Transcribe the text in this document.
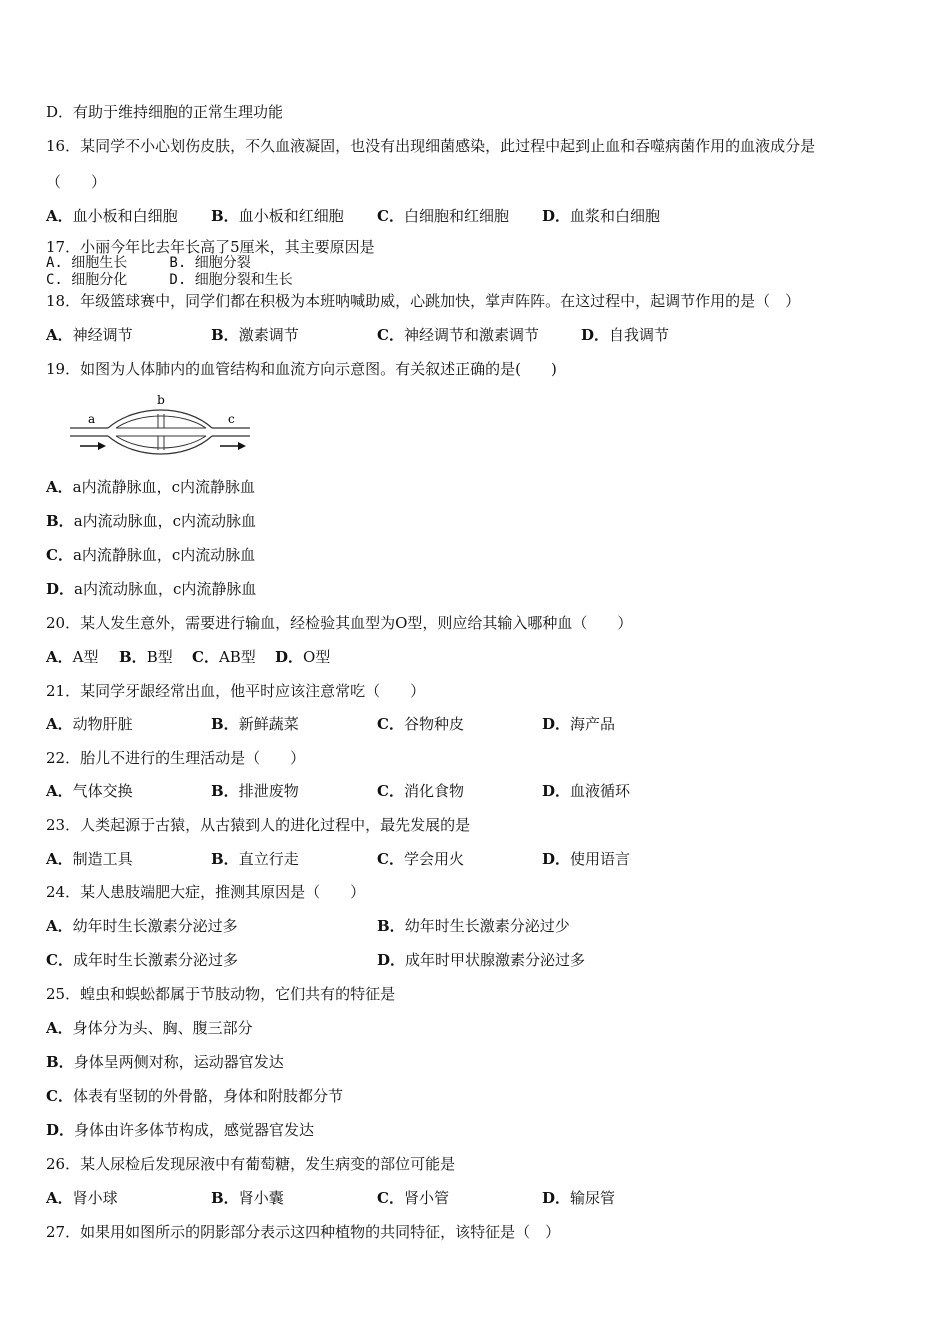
D．有助于维持细胞的正常生理功能
16．某同学不小心划伤皮肤，不久血液凝固，也没有出现细菌感染，此过程中起到止血和吞噬病菌作用的血液成分是
（　　）
A．血小板和白细胞 B．血小板和红细胞 C．白细胞和红细胞 D．血浆和白细胞
17．小丽今年比去年长高了5厘米，其主要原因是
A. 细胞生长     B. 细胞分裂
C. 细胞分化     D. 细胞分裂和生长
18．年级篮球赛中，同学们都在积极为本班呐喊助威，心跳加快，掌声阵阵。在这过程中，起调节作用的是（　）
A．神经调节	B．激素调节	C．神经调节和激素调节	D．自我调节
19．如图为人体肺内的血管结构和血流方向示意图。有关叙述正确的是(　　)
a
b
c
A．a内流静脉血，c内流静脉血
B．a内流动脉血，c内流动脉血
C．a内流静脉血，c内流动脉血
D．a内流动脉血，c内流静脉血
20．某人发生意外，需要进行输血，经检验其血型为O型，则应给其输入哪种血（　　）
A．A型 B．B型 C．AB型 D．O型
21．某同学牙龈经常出血，他平时应该注意常吃（　　）
A．动物肝脏	B．新鲜蔬菜	C．谷物种皮	D．海产品
22．胎儿不进行的生理活动是（　　）
A．气体交换	B．排泄废物	C．消化食物	D．血液循环
23．人类起源于古猿，从古猿到人的进化过程中，最先发展的是
A．制造工具	B．直立行走	C．学会用火	D．使用语言
24．某人患肢端肥大症，推测其原因是（　　）
A．幼年时生长激素分泌过多	B．幼年时生长激素分泌过少
C．成年时生长激素分泌过多	D．成年时甲状腺激素分泌过多
25．蝗虫和蜈蚣都属于节肢动物，它们共有的特征是
A．身体分为头、胸、腹三部分
B．身体呈两侧对称，运动器官发达
C．体表有坚韧的外骨骼，身体和附肢都分节
D．身体由许多体节构成，感觉器官发达
26．某人尿检后发现尿液中有葡萄糖，发生病变的部位可能是
A．肾小球	B．肾小囊	C．肾小管	D．输尿管
27．如果用如图所示的阴影部分表示这四种植物的共同特征，该特征是（　）
